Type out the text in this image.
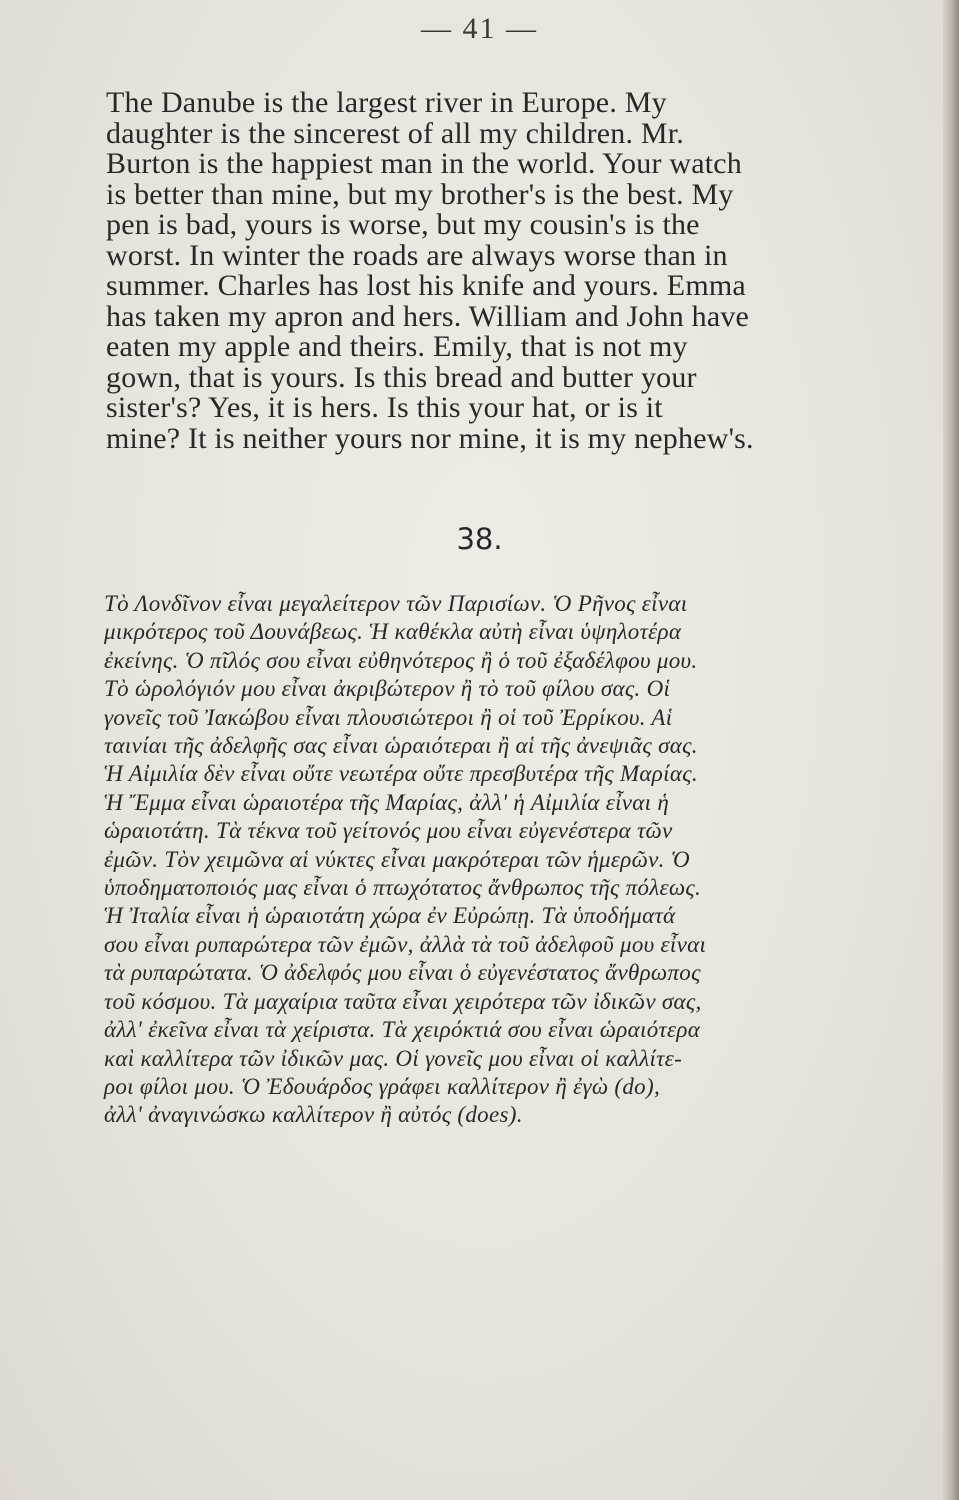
— 41 —
The Danube is the largest river in Europe. My
daughter is the sincerest of all my children. Mr.
Burton is the happiest man in the world. Your watch
is better than mine, but my brother's is the best. My
pen is bad, yours is worse, but my cousin's is the
worst. In winter the roads are always worse than in
summer. Charles has lost his knife and yours. Emma
has taken my apron and hers. William and John have
eaten my apple and theirs. Emily, that is not my
gown, that is yours. Is this bread and butter your
sister's? Yes, it is hers. Is this your hat, or is it
mine? It is neither yours nor mine, it is my nephew's.
38.
Τὸ Λονδῖνον εἶναι μεγαλείτερον τῶν Παρισίων. Ὁ Ρῆνος εἶναι
μικρότερος τοῦ Δουνάβεως. Ἡ καθέκλα αὐτὴ εἶναι ὑψηλοτέρα
ἐκείνης. Ὁ πῖλός σου εἶναι εὐθηνότερος ἢ ὁ τοῦ ἐξαδέλφου μου.
Τὸ ὡρολόγιόν μου εἶναι ἀκριβώτερον ἢ τὸ τοῦ φίλου σας. Οἱ
γονεῖς τοῦ Ἰακώβου εἶναι πλουσιώτεροι ἢ οἱ τοῦ Ἐρρίκου. Αἱ
ταινίαι τῆς ἀδελφῆς σας εἶναι ὡραιότεραι ἢ αἱ τῆς ἀνεψιᾶς σας.
Ἡ Αἰμιλία δὲν εἶναι οὔτε νεωτέρα οὔτε πρεσβυτέρα τῆς Μαρίας.
Ἡ Ἔμμα εἶναι ὡραιοτέρα τῆς Μαρίας, ἀλλ' ἡ Αἰμιλία εἶναι ἡ
ὡραιοτάτη. Τὰ τέκνα τοῦ γείτονός μου εἶναι εὐγενέστερα τῶν
ἐμῶν. Τὸν χειμῶνα αἱ νύκτες εἶναι μακρότεραι τῶν ἡμερῶν. Ὁ
ὑποδηματοποιός μας εἶναι ὁ πτωχότατος ἄνθρωπος τῆς πόλεως.
Ἡ Ἰταλία εἶναι ἡ ὡραιοτάτη χώρα ἐν Εὐρώπῃ. Τὰ ὑποδήματά
σου εἶναι ρυπαρώτερα τῶν ἐμῶν, ἀλλὰ τὰ τοῦ ἀδελφοῦ μου εἶναι
τὰ ρυπαρώτατα. Ὁ ἀδελφός μου εἶναι ὁ εὐγενέστατος ἄνθρωπος
τοῦ κόσμου. Τὰ μαχαίρια ταῦτα εἶναι χειρότερα τῶν ἰδικῶν σας,
ἀλλ' ἐκεῖνα εἶναι τὰ χείριστα. Τὰ χειρόκτιά σου εἶναι ὡραιότερα
καὶ καλλίτερα τῶν ἰδικῶν μας. Οἱ γονεῖς μου εἶναι οἱ καλλίτε-
ροι φίλοι μου. Ὁ Ἐδουάρδος γράφει καλλίτερον ἢ ἐγὼ (do),
ἀλλ' ἀναγινώσκω καλλίτερον ἢ αὐτός (does).
